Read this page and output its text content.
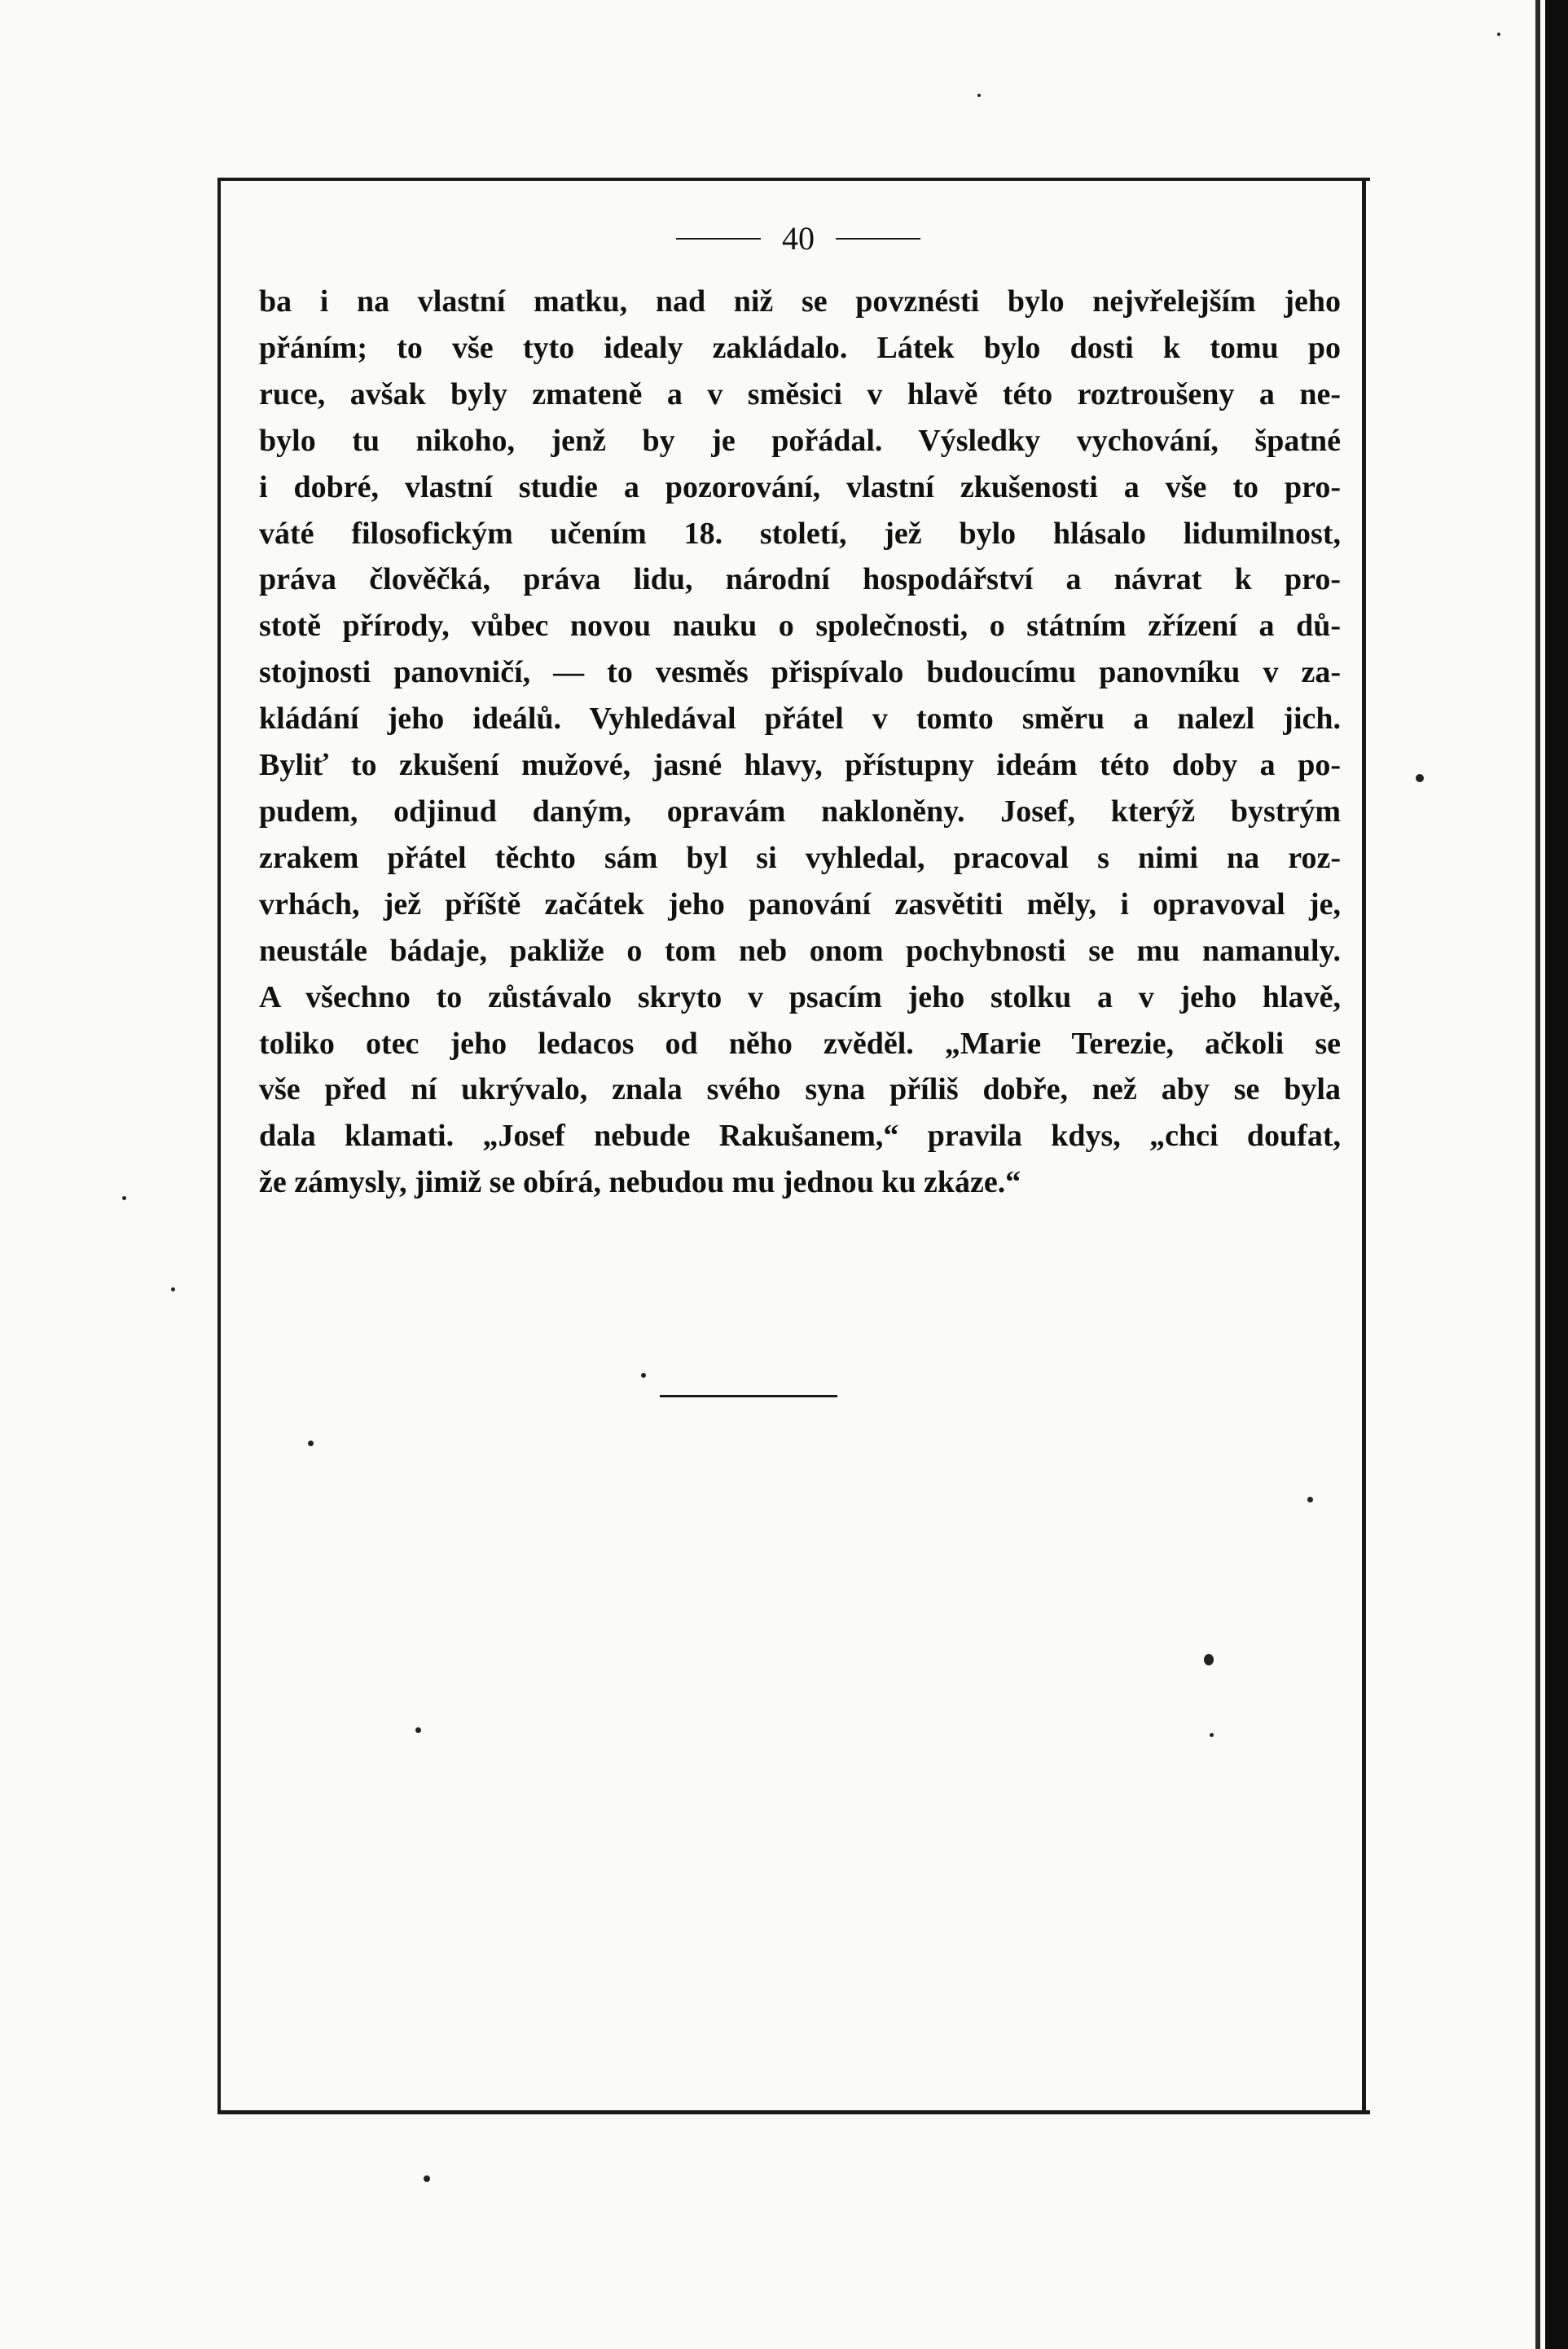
40
ba i na vlastní matku, nad niž se povznésti bylo nejvřelejším jeho
přáním; to vše tyto idealy zakládalo. Látek bylo dosti k tomu po
ruce, avšak byly zmateně a v směsici v hlavě této roztroušeny a ne-
bylo tu nikoho, jenž by je pořádal. Výsledky vychování, špatné
i dobré, vlastní studie a pozorování, vlastní zkušenosti a vše to pro-
váté filosofickým učením 18. století, jež bylo hlásalo lidumilnost,
práva člověčká, práva lidu, národní hospodářství a návrat k pro-
stotě přírody, vůbec novou nauku o společnosti, o státním zřízení a dů-
stojnosti panovničí, — to vesměs přispívalo budoucímu panovníku v za-
kládání jeho ideálů. Vyhledával přátel v tomto směru a nalezl jich.
Byliť to zkušení mužové, jasné hlavy, přístupny ideám této doby a po-
pudem, odjinud daným, opravám nakloněny. Josef, kterýž bystrým
zrakem přátel těchto sám byl si vyhledal, pracoval s nimi na roz-
vrhách, jež příště začátek jeho panování zasvětiti měly, i opravoval je,
neustále bádaje, pakliže o tom neb onom pochybnosti se mu namanuly.
A všechno to zůstávalo skryto v psacím jeho stolku a v jeho hlavě,
toliko otec jeho ledacos od něho zvěděl. „Marie Terezie, ačkoli se
vše před ní ukrývalo, znala svého syna příliš dobře, než aby se byla
dala klamati. „Josef nebude Rakušanem,“ pravila kdys, „chci doufat,
že zámysly, jimiž se obírá, nebudou mu jednou ku zkáze.“
